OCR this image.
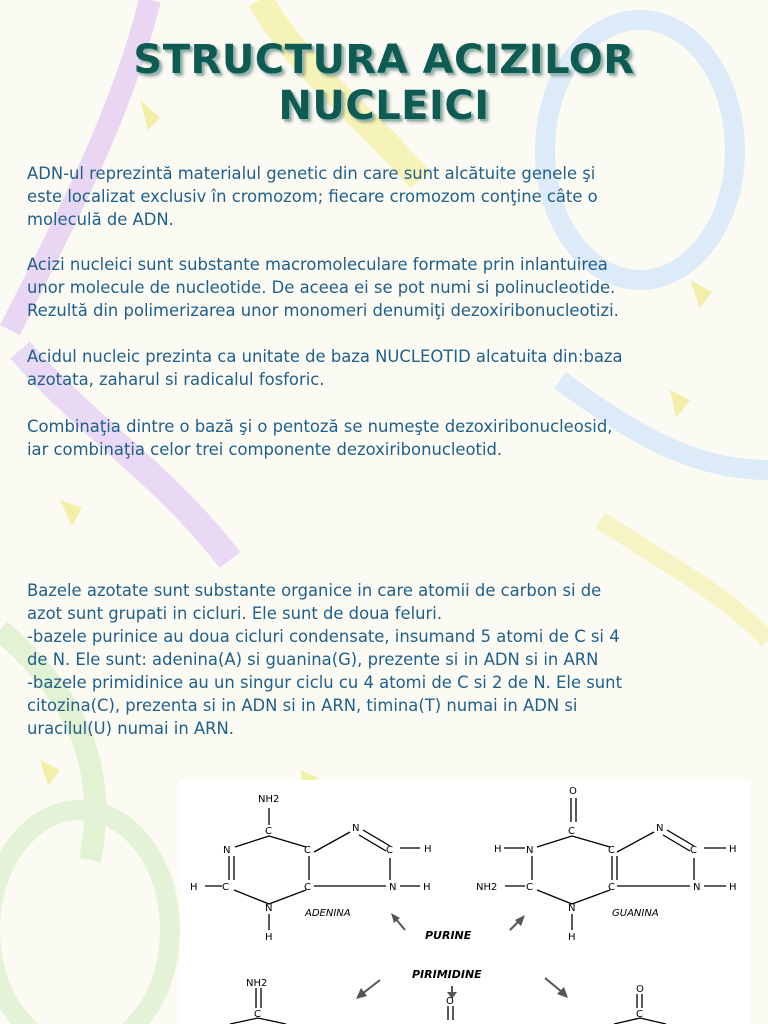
STRUCTURA ACIZILOR
NUCLEICI

ADN-ul reprezintă materialul genetic din care sunt alcătuite genele şi
este localizat exclusiv în cromozom; fiecare cromozom conţine câte o
moleculă de ADN.

Acizi nucleici sunt substante macromoleculare formate prin inlantuirea
unor molecule de nucleotide. De aceea ei se pot numi si polinucleotide.
Rezultă din polimerizarea unor monomeri denumiţi dezoxiribonucleotizi.

Acidul nucleic prezinta ca unitate de baza NUCLEOTID alcatuita din:baza
azotata, zaharul si radicalul fosforic.

Combinaţia dintre o bază şi o pentoză se numeşte dezoxiribonucleosid,
iar combinaţia celor trei componente dezoxiribonucleotid.

Bazele azotate sunt substante organice in care atomii de carbon si de
azot sunt grupati in cicluri. Ele sunt de doua feluri.
-bazele purinice au doua cicluri condensate, insumand 5 atomi de C si 4
de N. Ele sunt: adenina(A) si guanina(G), prezente si in ADN si in ARN
-bazele primidinice au un singur ciclu cu 4 atomi de C si 2 de N. Ele sunt
citozina(C), prezenta si in ADN si in ARN, timina(T) numai in ADN si
uracilul(U) numai in ARN.

NH2
C
N	C
N
C	H
C
H	C	N	H
N
H
ADENINA
O
C
N
H	C
N
C	H
NH2	C	C	N	H
N
H
GUANINA
PURINE
PIRIMIDINE
NH2
C
O
O
C
